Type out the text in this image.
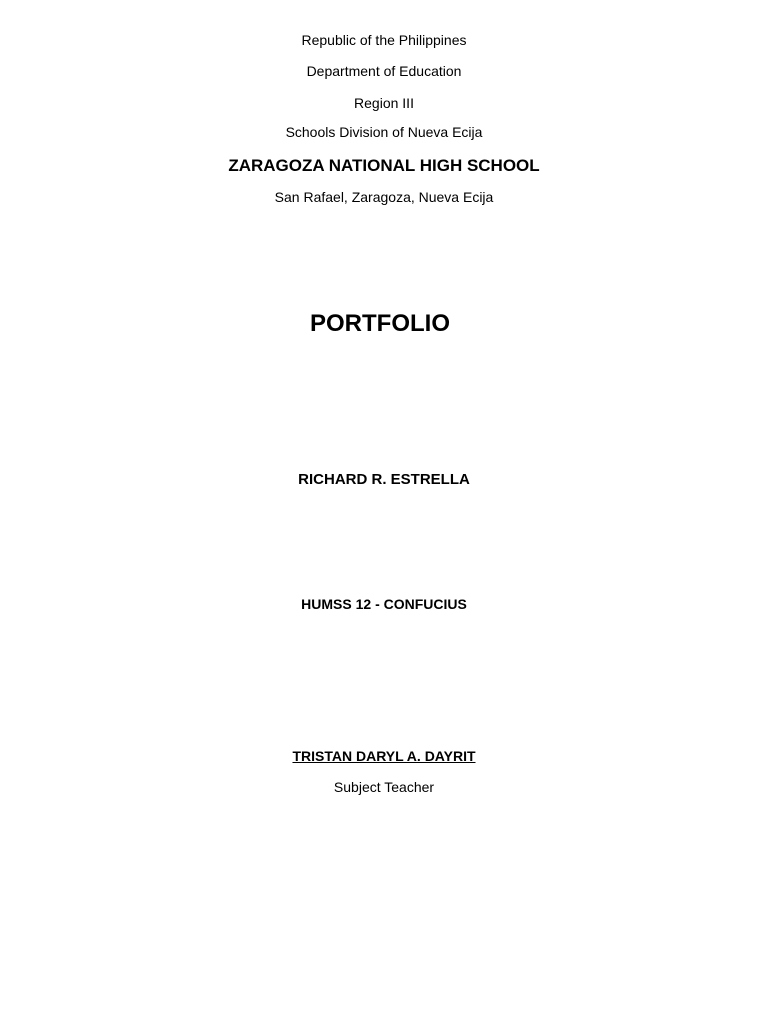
Republic of the Philippines
Department of Education
Region III
Schools Division of Nueva Ecija
ZARAGOZA NATIONAL HIGH SCHOOL
San Rafael, Zaragoza, Nueva Ecija
PORTFOLIO
RICHARD R. ESTRELLA
HUMSS 12 - CONFUCIUS
TRISTAN DARYL A. DAYRIT
Subject Teacher
